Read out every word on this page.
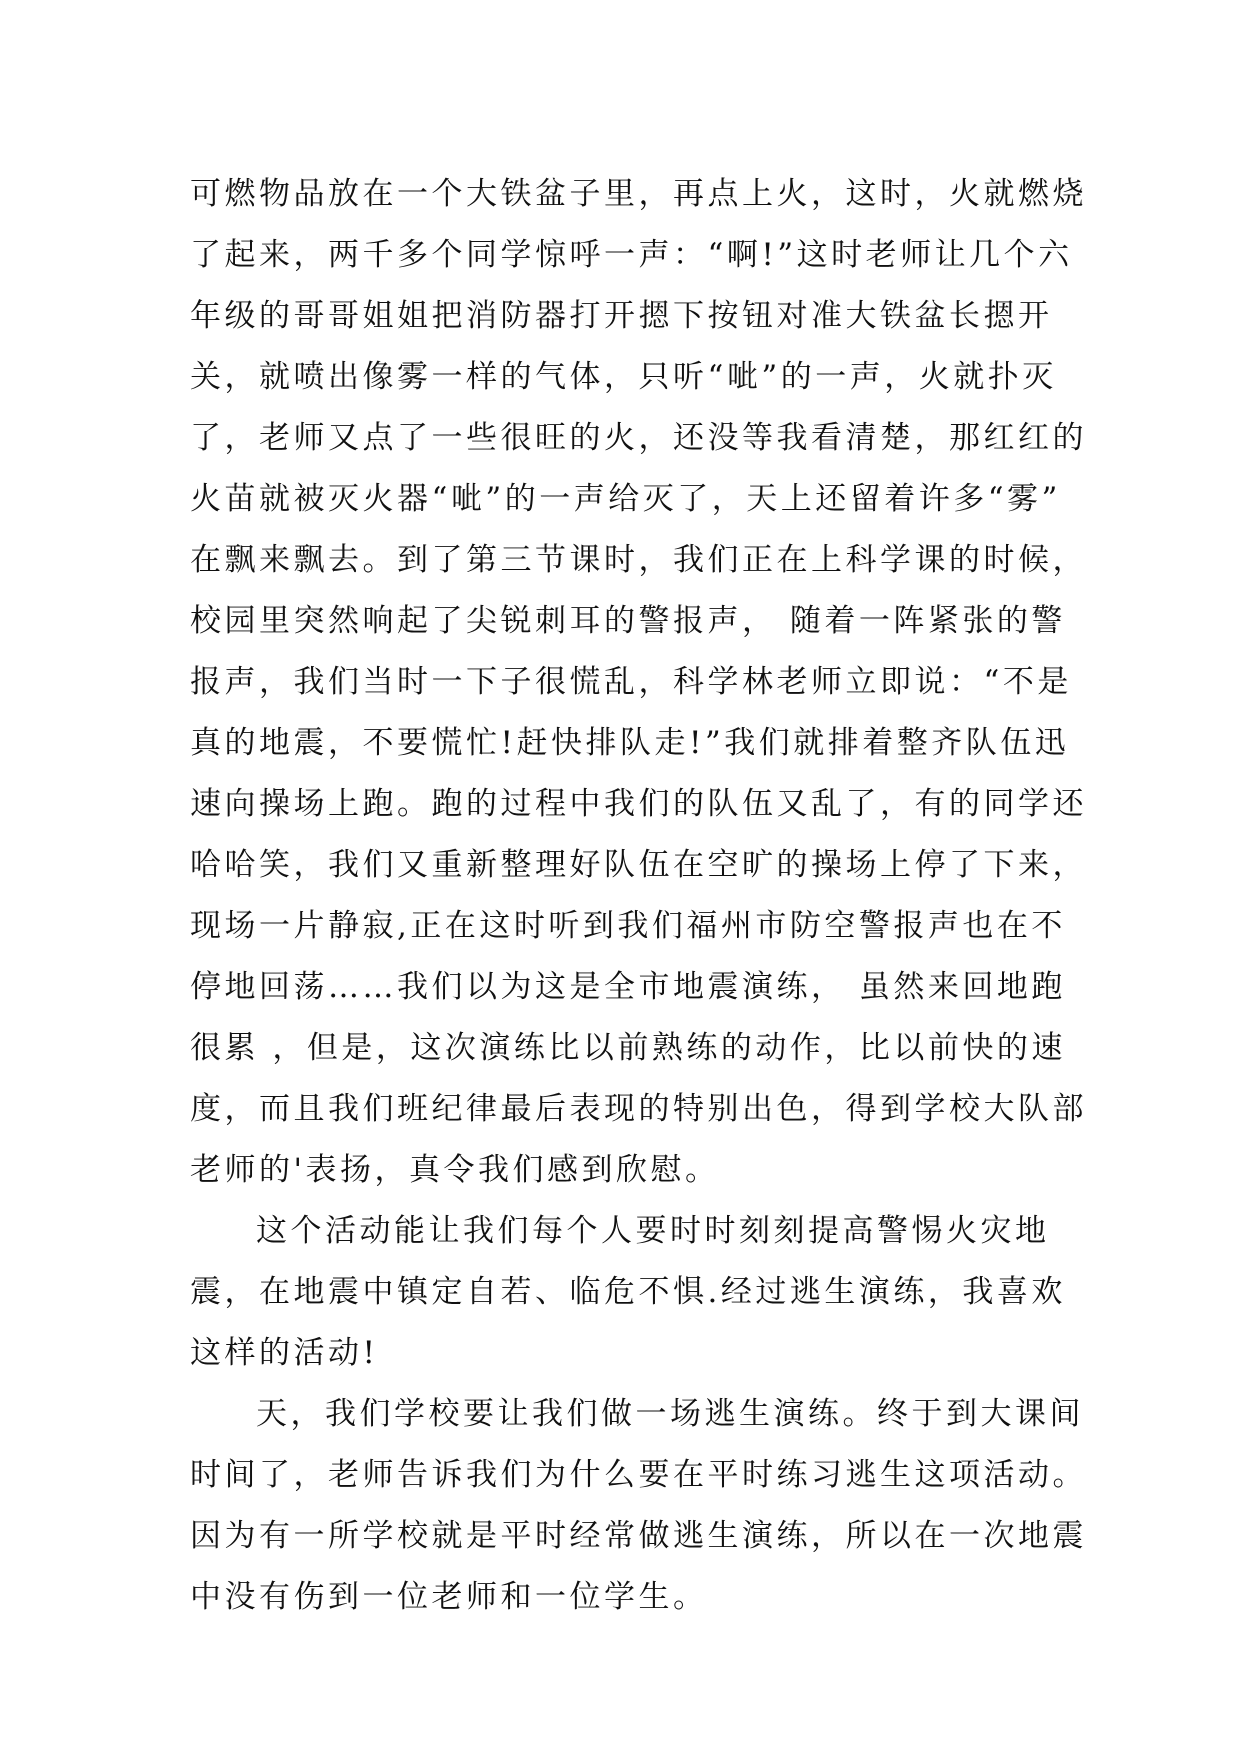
可燃物品放在一个大铁盆子里，再点上火，这时，火就燃烧
了起来，两千多个同学惊呼一声：“啊!”这时老师让几个六
年级的哥哥姐姐把消防器打开摁下按钮对准大铁盆长摁开
关，就喷出像雾一样的气体，只听“呲”的一声，火就扑灭
了，老师又点了一些很旺的火，还没等我看清楚，那红红的
火苗就被灭火器“呲”的一声给灭了，天上还留着许多“雾”
在飘来飘去。到了第三节课时，我们正在上科学课的时候，
校园里突然响起了尖锐刺耳的警报声， 随着一阵紧张的警
报声，我们当时一下子很慌乱，科学林老师立即说：“不是
真的地震，不要慌忙!赶快排队走!”我们就排着整齐队伍迅
速向操场上跑。跑的过程中我们的队伍又乱了，有的同学还
哈哈笑，我们又重新整理好队伍在空旷的操场上停了下来，
现场一片静寂,正在这时听到我们福州市防空警报声也在不
停地回荡……我们以为这是全市地震演练， 虽然来回地跑
很累 ，但是，这次演练比以前熟练的动作，比以前快的速
度，而且我们班纪律最后表现的特别出色，得到学校大队部
老师的'表扬，真令我们感到欣慰。
这个活动能让我们每个人要时时刻刻提高警惕火灾地
震，在地震中镇定自若、临危不惧.经过逃生演练，我喜欢
这样的活动!
天，我们学校要让我们做一场逃生演练。终于到大课间
时间了，老师告诉我们为什么要在平时练习逃生这项活动。
因为有一所学校就是平时经常做逃生演练，所以在一次地震
中没有伤到一位老师和一位学生。
